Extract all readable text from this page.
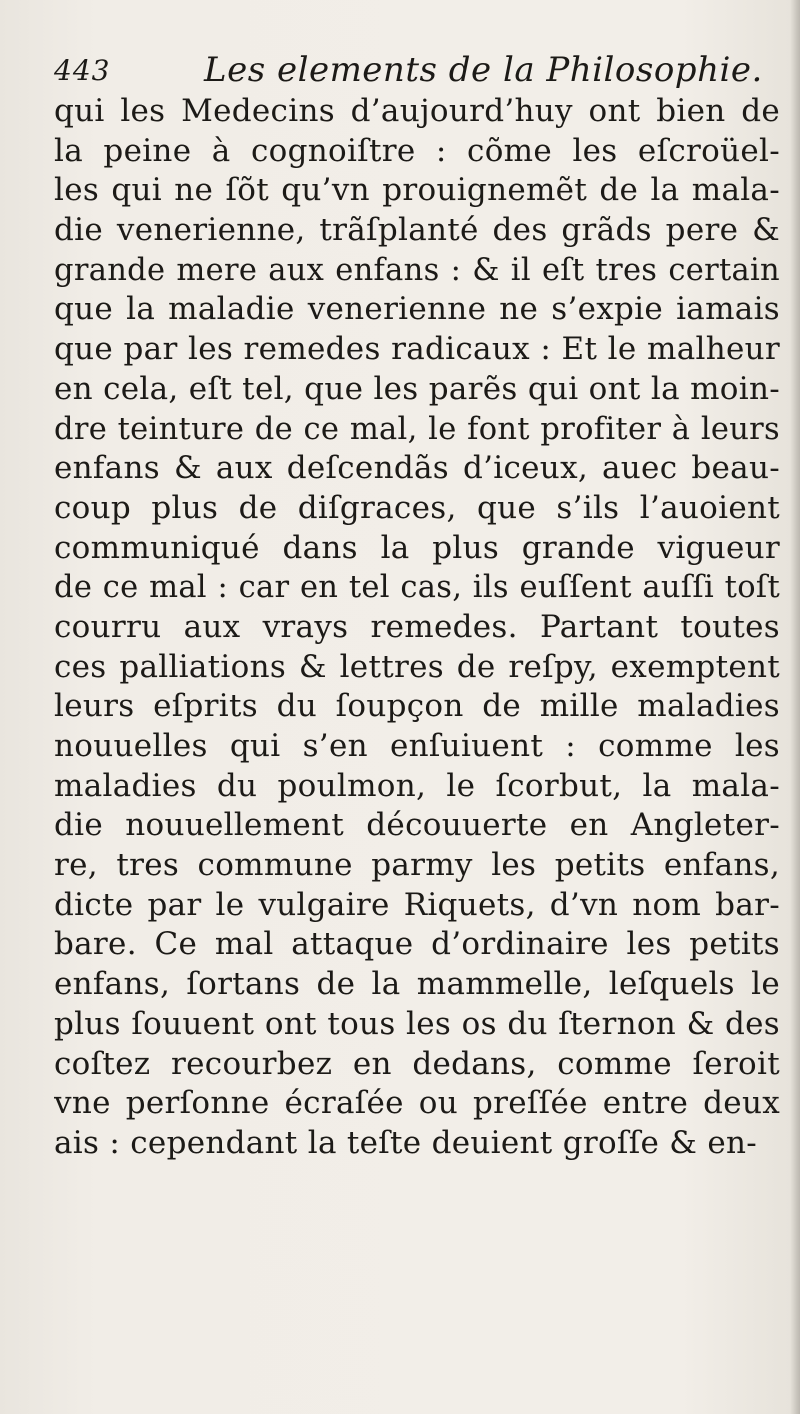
443	Les elements de la Philosophie.
qui les Medecins d’aujourd’huy ont bien de
la peine à cognoiſtre : cõme les eſcroüel-
les qui ne ſõt qu’vn prouignemẽt de la mala-
die venerienne, trãſplanté des grãds pere &
grande mere aux enfans : & il eſt tres certain
que la maladie venerienne ne s’expie iamais
que par les remedes radicaux : Et le malheur
en cela, eſt tel, que les parẽs qui ont la moin-
dre teinture de ce mal, le font profiter à leurs
enfans & aux deſcendãs d’iceux, auec beau-
coup plus de diſgraces, que s’ils l’auoient
communiqué dans la plus grande vigueur
de ce mal : car en tel cas, ils euſſent auſſi toſt
courru aux vrays remedes. Partant toutes
ces palliations & lettres de reſpy, exemptent
leurs eſprits du ſoupçon de mille maladies
nouuelles qui s’en enſuiuent : comme les
maladies du poulmon, le ſcorbut, la mala-
die nouuellement découuerte en Angleter-
re, tres commune parmy les petits enfans,
dicte par le vulgaire Riquets, d’vn nom bar-
bare. Ce mal attaque d’ordinaire les petits
enfans, ſortans de la mammelle, leſquels le
plus ſouuent ont tous les os du ſternon & des
coſtez recourbez en dedans, comme ſeroit
vne perſonne écraſée ou preſſée entre deux
ais : cependant la teſte deuient groſſe & en-
